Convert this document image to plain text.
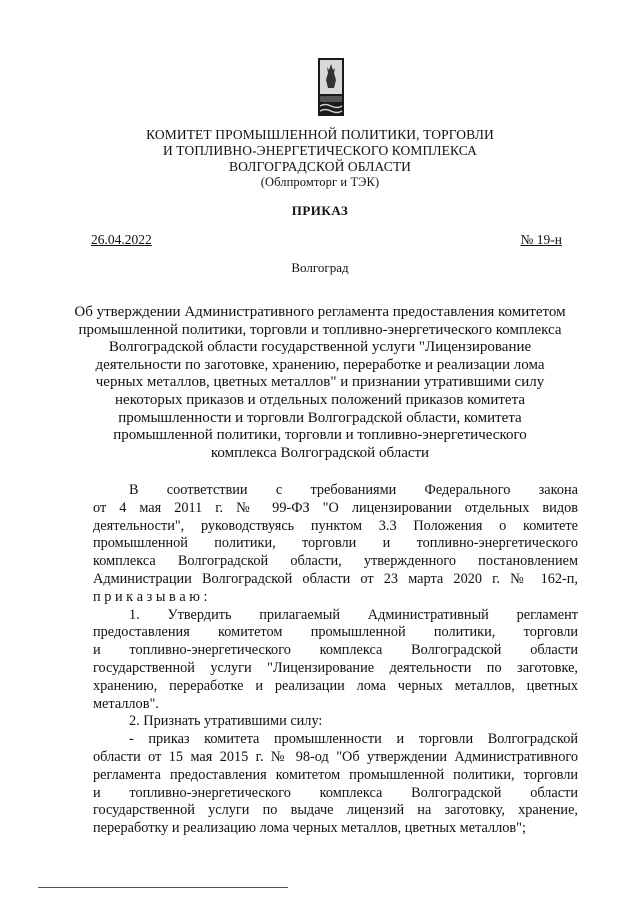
КОМИТЕТ ПРОМЫШЛЕННОЙ ПОЛИТИКИ, ТОРГОВЛИ
И ТОПЛИВНО-ЭНЕРГЕТИЧЕСКОГО КОМПЛЕКСА
ВОЛГОГРАДСКОЙ ОБЛАСТИ
(Облпромторг и ТЭК)
ПРИКАЗ
26.04.2022	№ 19-н
Волгоград
Об утверждении Административного регламента предоставления комитетом
промышленной политики, торговли и топливно-энергетического комплекса
Волгоградской области государственной услуги "Лицензирование
деятельности по заготовке, хранению, переработке и реализации лома
черных металлов, цветных металлов" и признании утратившими силу
некоторых приказов и отдельных положений приказов комитета
промышленности и торговли Волгоградской области, комитета
промышленной политики, торговли и топливно-энергетического
комплекса Волгоградской области
В соответствии с требованиями Федерального закона
от 4 мая 2011 г. № 99-ФЗ "О лицензировании отдельных видов
деятельности", руководствуясь пунктом 3.3 Положения о комитете
промышленной политики, торговли и топливно-энергетического
комплекса Волгоградской области, утвержденного постановлением
Администрации Волгоградской области от 23 марта 2020 г. № 162-п,
п р и к а з ы в а ю :
1. Утвердить прилагаемый Административный регламент
предоставления комитетом промышленной политики, торговли
и топливно-энергетического комплекса Волгоградской области
государственной услуги "Лицензирование деятельности по заготовке,
хранению, переработке и реализации лома черных металлов, цветных
металлов".
2. Признать утратившими силу:
- приказ комитета промышленности и торговли Волгоградской
области от 15 мая 2015 г. № 98-од "Об утверждении Административного
регламента предоставления комитетом промышленной политики, торговли
и топливно-энергетического комплекса Волгоградской области
государственной услуги по выдаче лицензий на заготовку, хранение,
переработку и реализацию лома черных металлов, цветных металлов";
